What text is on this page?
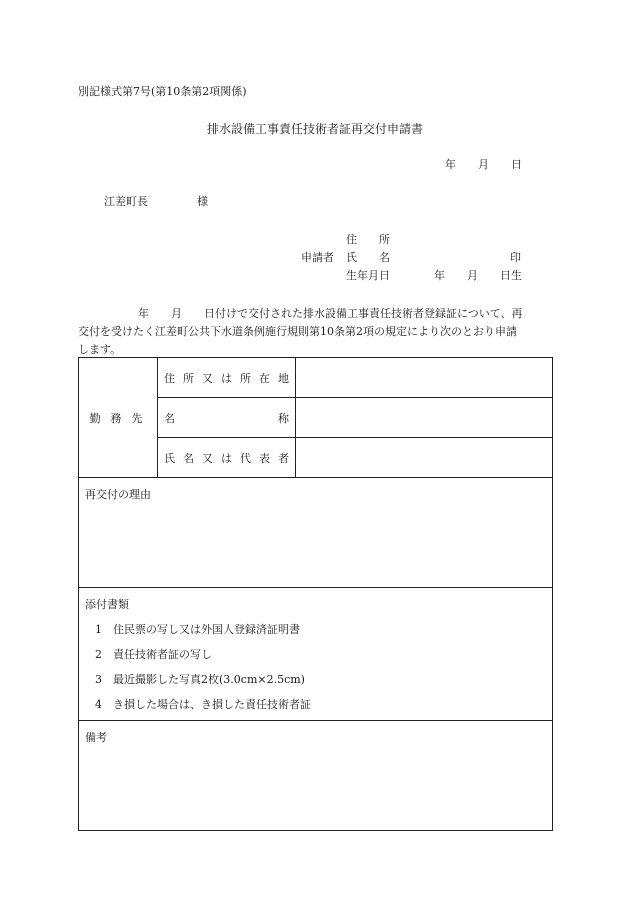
別記様式第7号(第10条第2項関係)
排水設備工事責任技術者証再交付申請書
年　　月　　日
江差町長	様
住　　所
申請者 氏　　名	印
生年月日	年　　月　　日生
年　　月　　日付けで交付された排水設備工事責任技術者登録証について、再
交付を受けたく江差町公共下水道条例施行規則第10条第2項の規定により次のとおり申請
します。
勤務先	住所又は所在地	
	名称	
	氏名又は代表者	

再交付の理由		

添付書類
1 住民票の写し又は外国人登録済証明書
2 責任技術者証の写し
3 最近撮影した写真2枚(3.0cm×2.5cm)
4 き損した場合は、き損した責任技術者証		

備考		
